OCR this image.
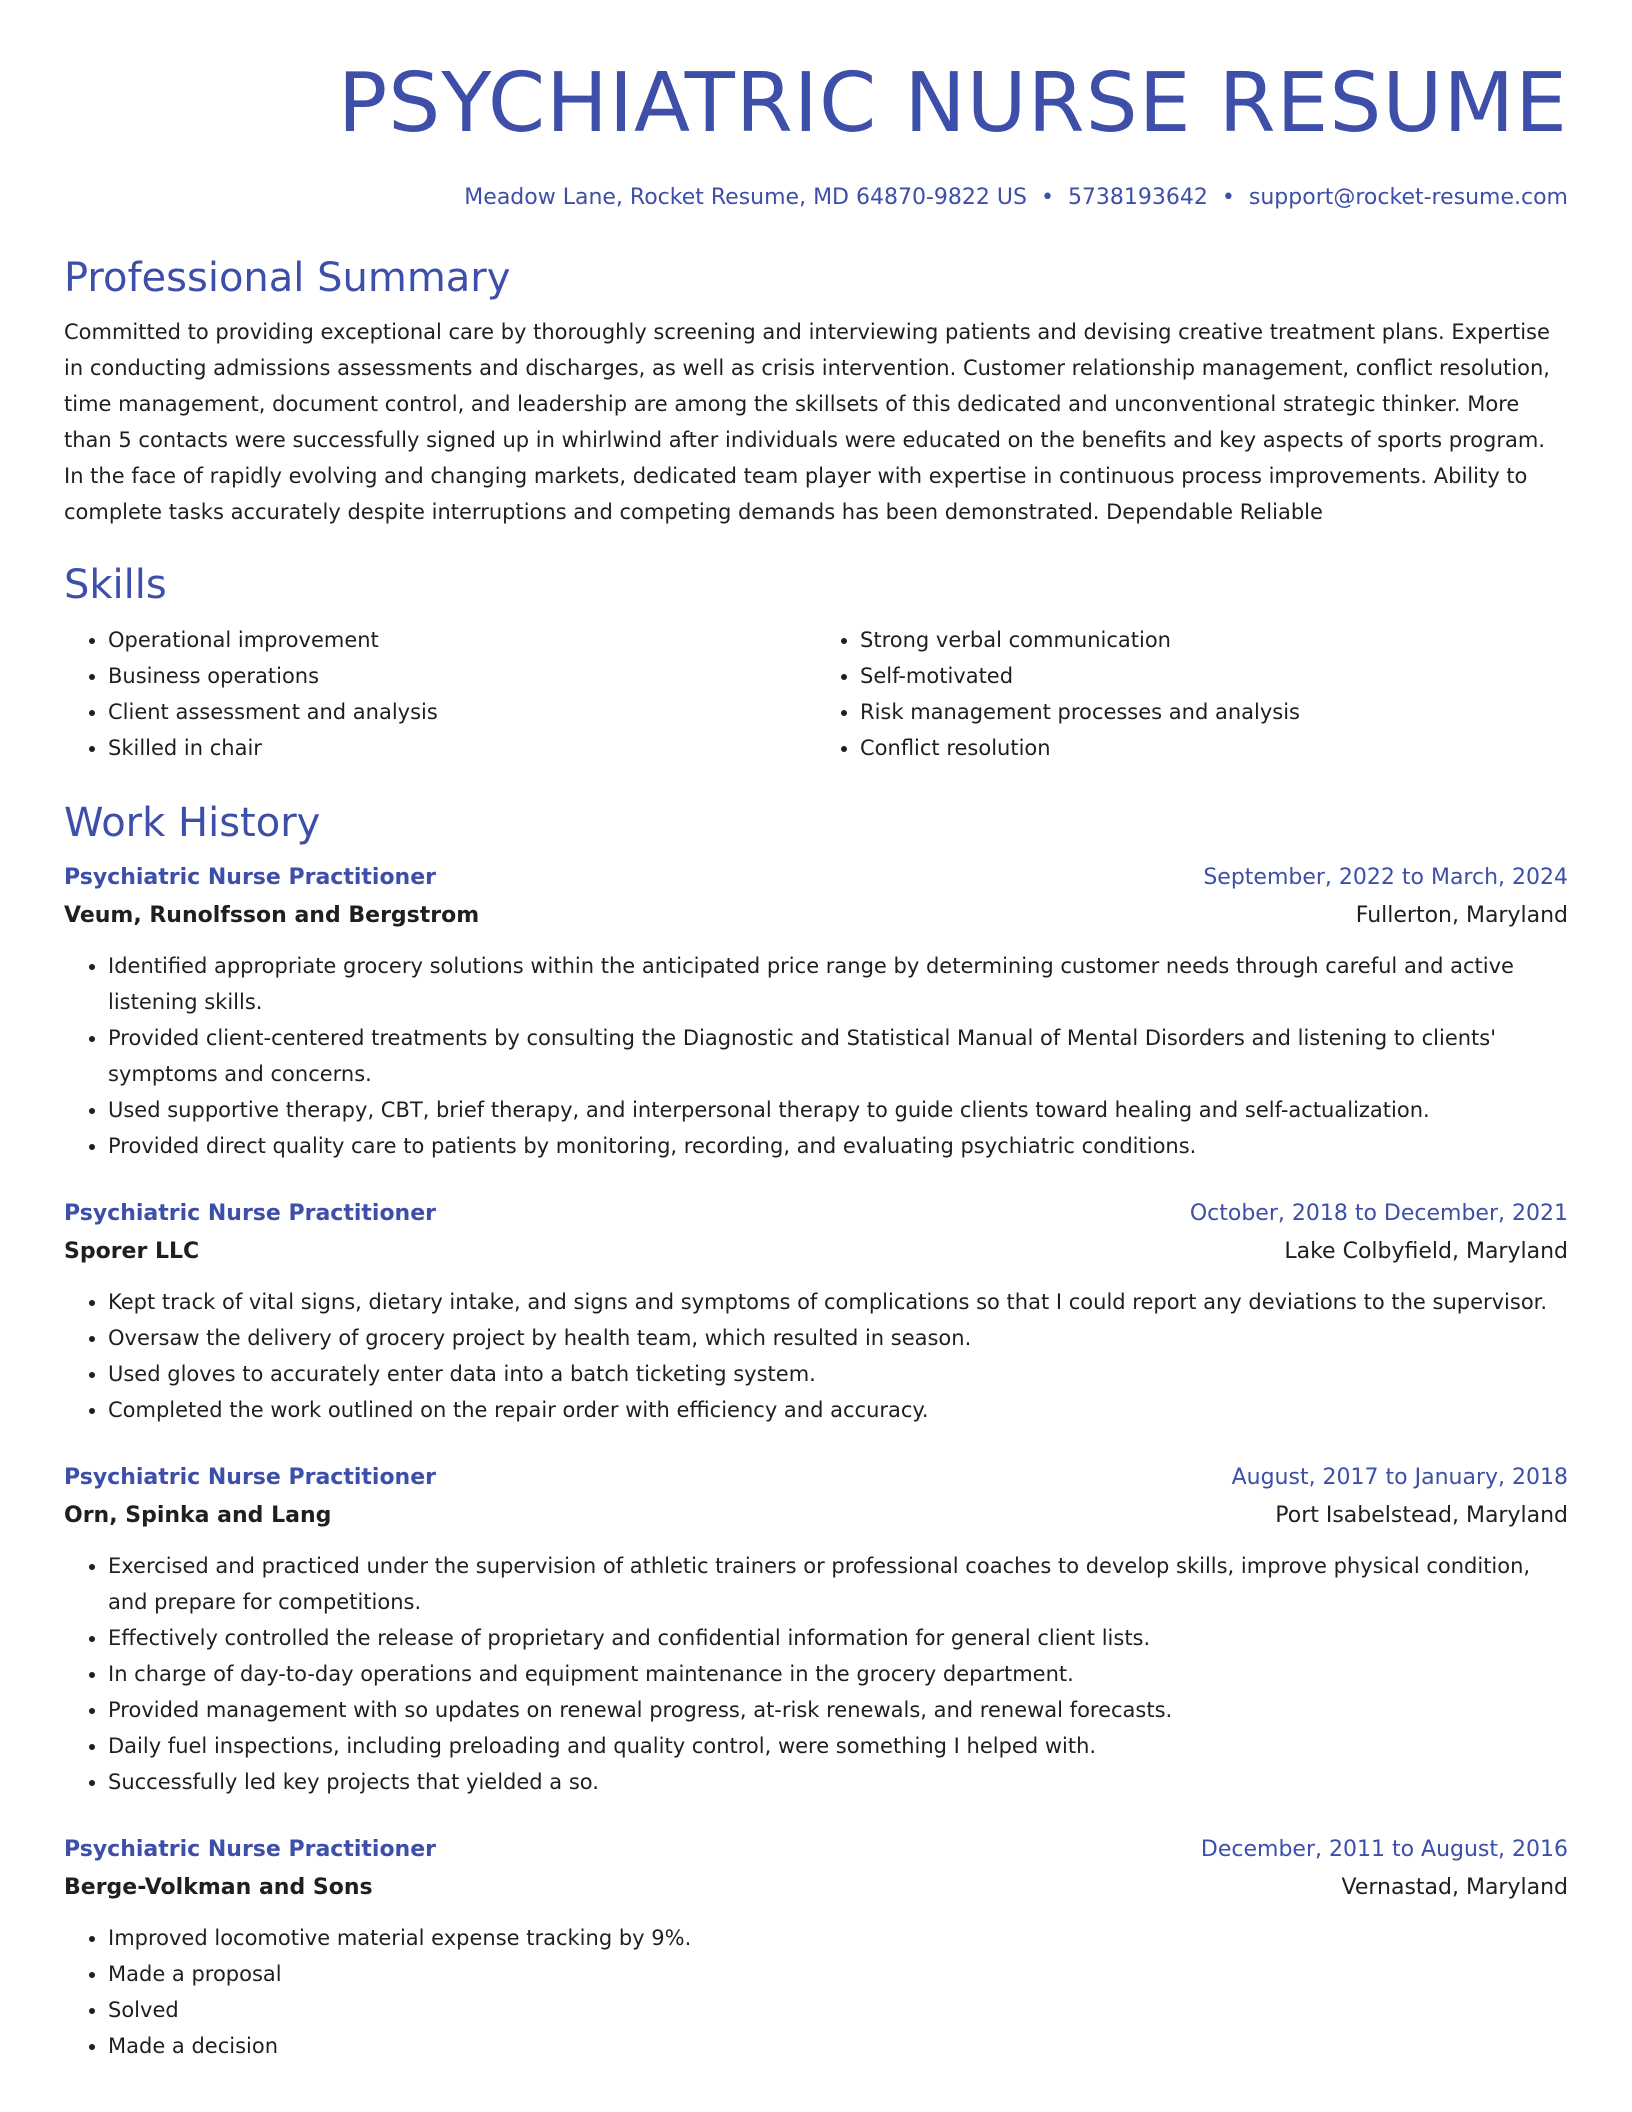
PSYCHIATRIC NURSE RESUME
Meadow Lane, Rocket Resume, MD 64870-9822 US • 5738193642 • support@rocket-resume.com
Professional Summary

Committed to providing exceptional care by thoroughly screening and interviewing patients and devising creative treatment plans. Expertise in conducting admissions assessments and discharges, as well as crisis intervention. Customer relationship management, conflict resolution, time management, document control, and leadership are among the skillsets of this dedicated and unconventional strategic thinker. More than 5 contacts were successfully signed up in whirlwind after individuals were educated on the benefits and key aspects of sports program. In the face of rapidly evolving and changing markets, dedicated team player with expertise in continuous process improvements. Ability to complete tasks accurately despite interruptions and competing demands has been demonstrated. Dependable Reliable

Skills
• Operational improvement
• Business operations
• Client assessment and analysis
• Skilled in chair
• Strong verbal communication
• Self-motivated
• Risk management processes and analysis
• Conflict resolution
Work History
Psychiatric Nurse Practitioner	September, 2022 to March, 2024
Veum, Runolfsson and Bergstrom	Fullerton, Maryland
• Identified appropriate grocery solutions within the anticipated price range by determining customer needs through careful and active listening skills.
• Provided client-centered treatments by consulting the Diagnostic and Statistical Manual of Mental Disorders and listening to clients' symptoms and concerns.
• Used supportive therapy, CBT, brief therapy, and interpersonal therapy to guide clients toward healing and self-actualization.
• Provided direct quality care to patients by monitoring, recording, and evaluating psychiatric conditions.
Psychiatric Nurse Practitioner	October, 2018 to December, 2021
Sporer LLC	Lake Colbyfield, Maryland
• Kept track of vital signs, dietary intake, and signs and symptoms of complications so that I could report any deviations to the supervisor.
• Oversaw the delivery of grocery project by health team, which resulted in season.
• Used gloves to accurately enter data into a batch ticketing system.
• Completed the work outlined on the repair order with efficiency and accuracy.
Psychiatric Nurse Practitioner	August, 2017 to January, 2018
Orn, Spinka and Lang	Port Isabelstead, Maryland
• Exercised and practiced under the supervision of athletic trainers or professional coaches to develop skills, improve physical condition, and prepare for competitions.
• Effectively controlled the release of proprietary and confidential information for general client lists.
• In charge of day-to-day operations and equipment maintenance in the grocery department.
• Provided management with so updates on renewal progress, at-risk renewals, and renewal forecasts.
• Daily fuel inspections, including preloading and quality control, were something I helped with.
• Successfully led key projects that yielded a so.
Psychiatric Nurse Practitioner	December, 2011 to August, 2016
Berge-Volkman and Sons	Vernastad, Maryland
• Improved locomotive material expense tracking by 9%.
• Made a proposal
• Solved
• Made a decision
